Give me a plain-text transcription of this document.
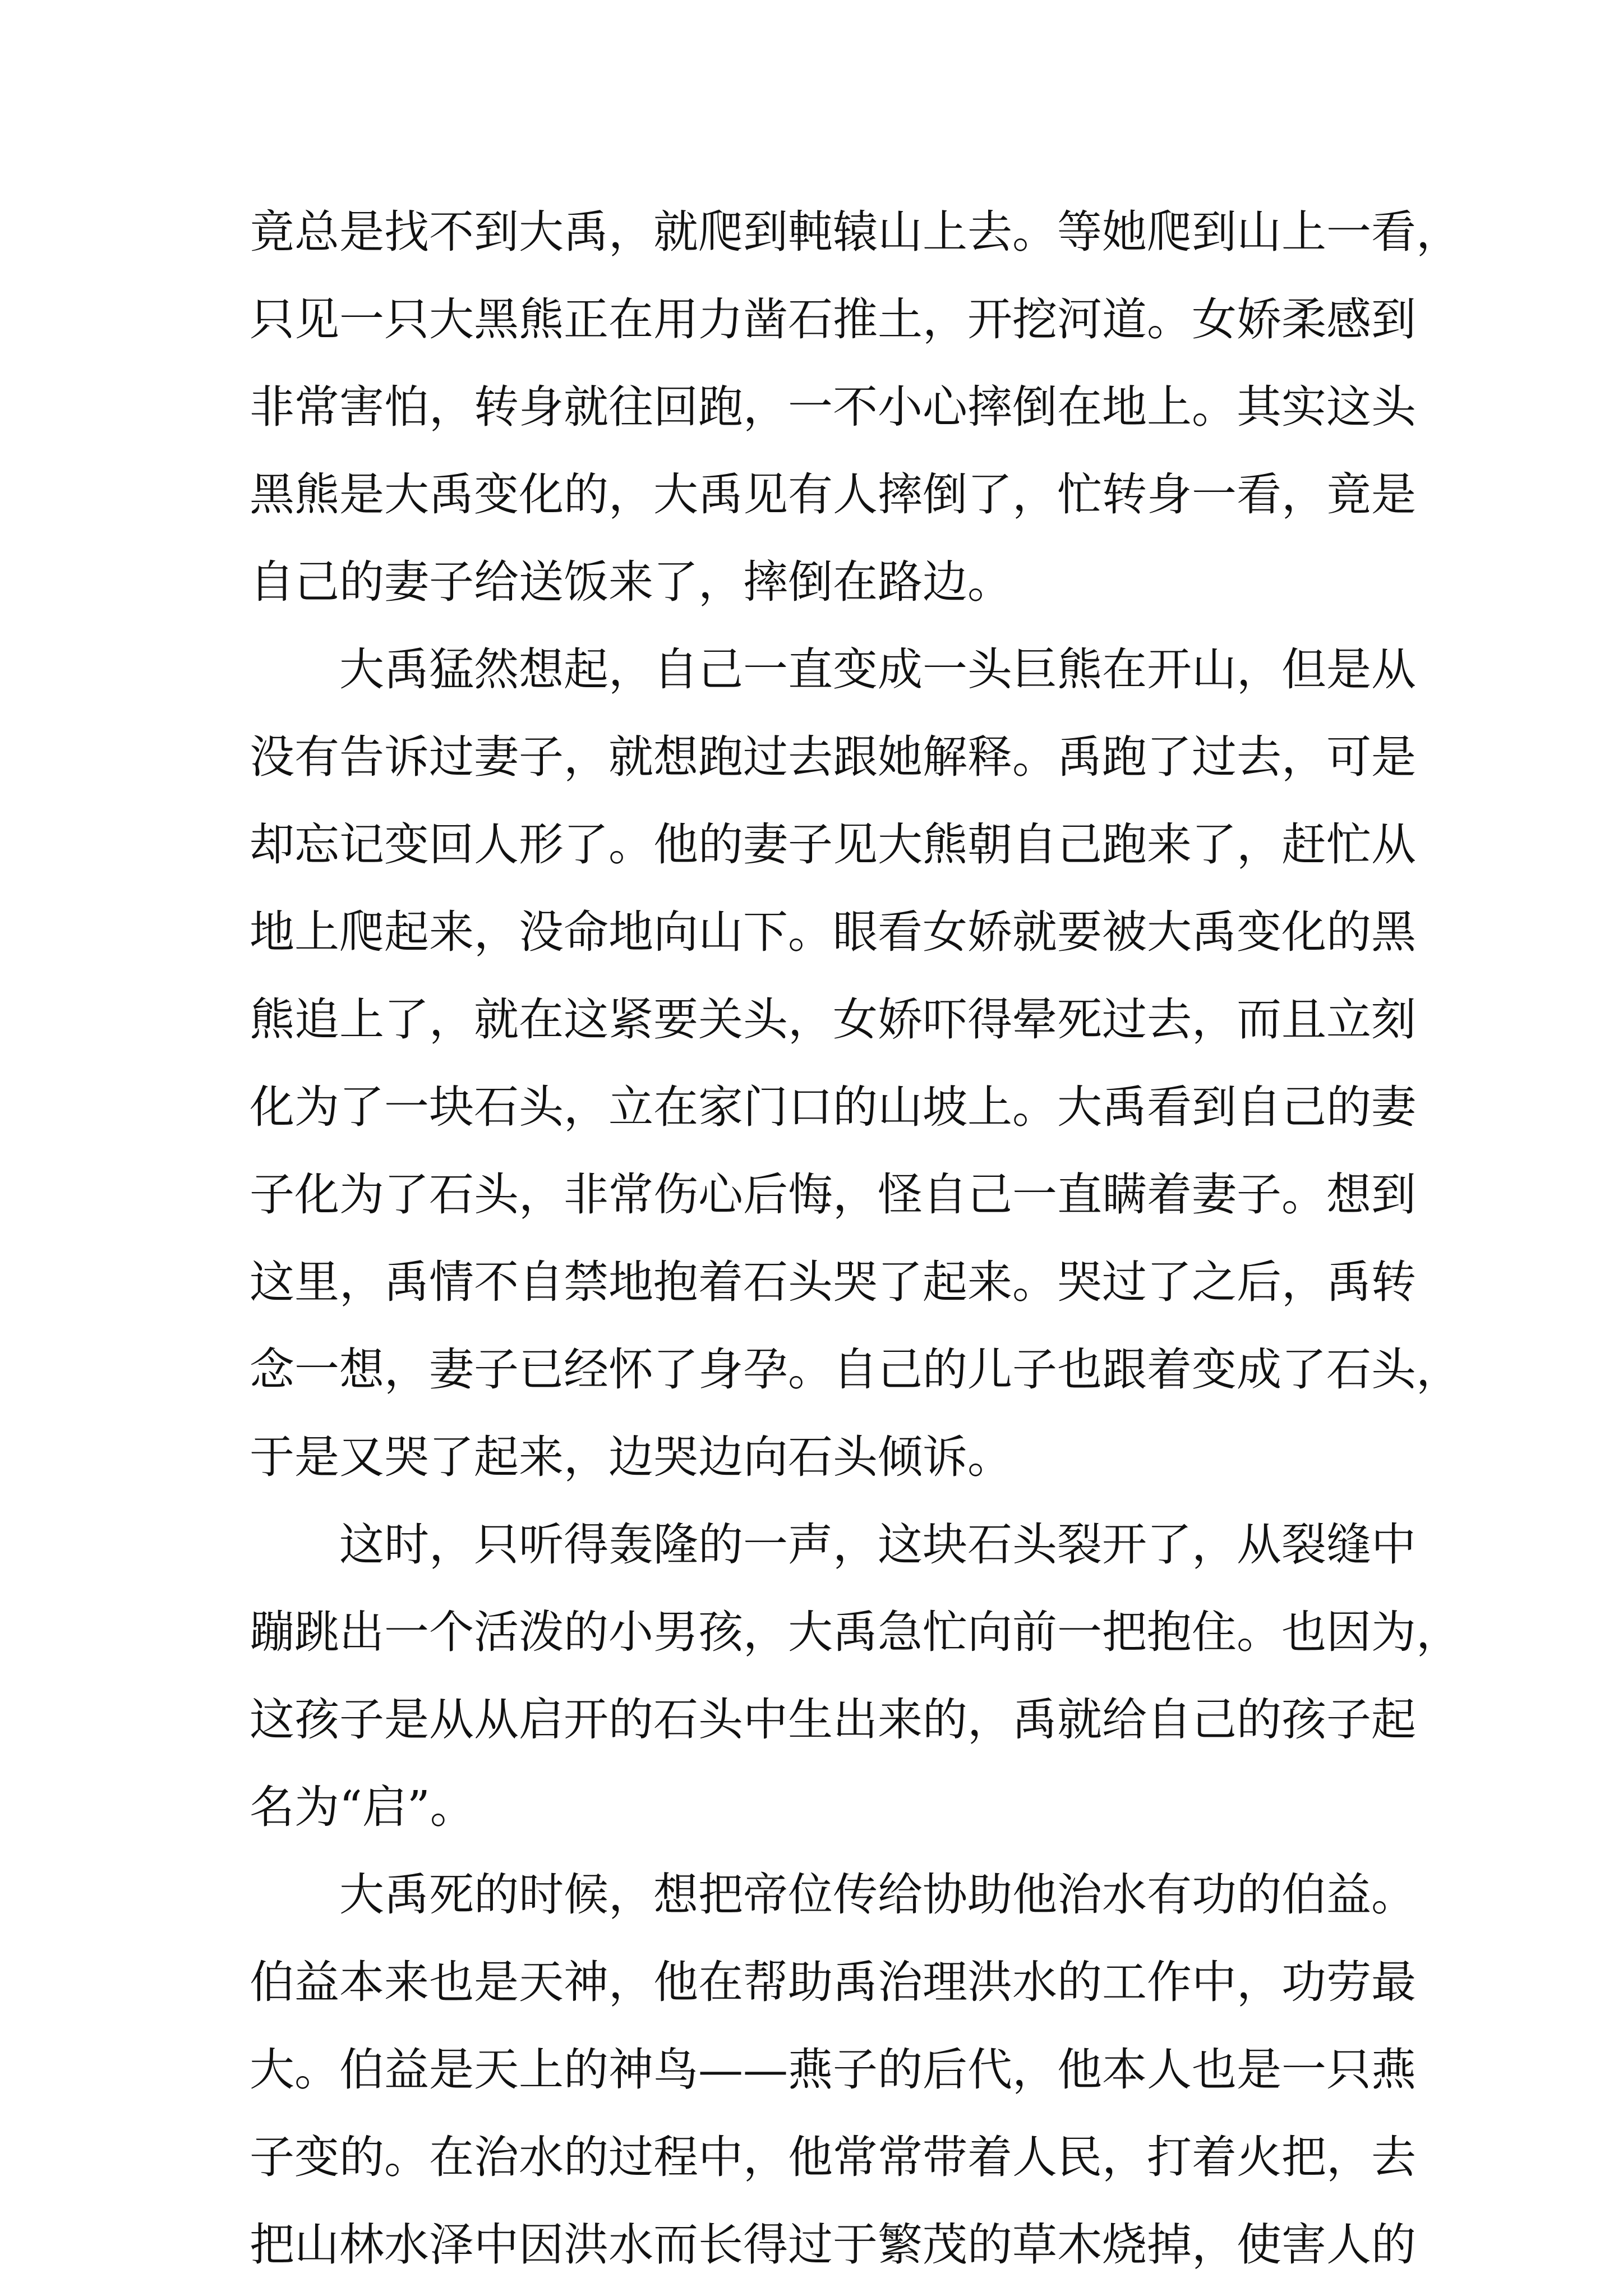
竟总是找不到大禹，就爬到軘辕山上去。等她爬到山上一看，
只见一只大黑熊正在用力凿石推土，开挖河道。女娇柔感到
非常害怕，转身就往回跑，一不小心摔倒在地上。其实这头
黑熊是大禹变化的，大禹见有人摔倒了，忙转身一看，竟是
自己的妻子给送饭来了，摔倒在路边。

　　大禹猛然想起，自己一直变成一头巨熊在开山，但是从
没有告诉过妻子，就想跑过去跟她解释。禹跑了过去，可是
却忘记变回人形了。他的妻子见大熊朝自己跑来了，赶忙从
地上爬起来，没命地向山下。眼看女娇就要被大禹变化的黑
熊追上了，就在这紧要关头，女娇吓得晕死过去，而且立刻
化为了一块石头，立在家门口的山坡上。大禹看到自己的妻
子化为了石头，非常伤心后悔，怪自己一直瞒着妻子。想到
这里，禹情不自禁地抱着石头哭了起来。哭过了之后，禹转
念一想，妻子已经怀了身孕。自己的儿子也跟着变成了石头，
于是又哭了起来，边哭边向石头倾诉。

　　这时，只听得轰隆的一声，这块石头裂开了，从裂缝中
蹦跳出一个活泼的小男孩，大禹急忙向前一把抱住。也因为，
这孩子是从从启开的石头中生出来的，禹就给自己的孩子起
名为“启”。

　　大禹死的时候，想把帝位传给协助他治水有功的伯益。
伯益本来也是天神，他在帮助禹治理洪水的工作中，功劳最
大。伯益是天上的神鸟——燕子的后代，他本人也是一只燕
子变的。在治水的过程中，他常常带着人民，打着火把，去
把山林水泽中因洪水而长得过于繁茂的草木烧掉，使害人的
